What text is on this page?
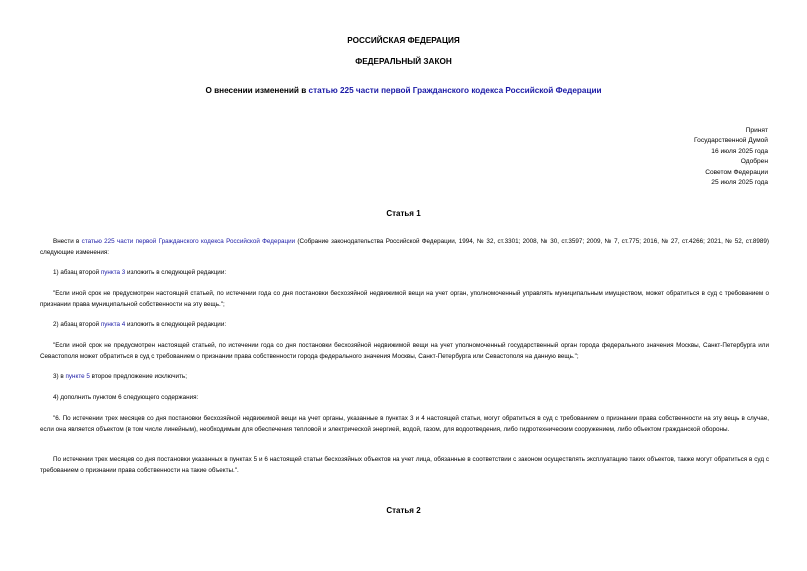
РОССИЙСКАЯ ФЕДЕРАЦИЯ
ФЕДЕРАЛЬНЫЙ ЗАКОН
О внесении изменений в статью 225 части первой Гражданского кодекса Российской Федерации
Принят
Государственной Думой
16 июля 2025 года
Одобрен
Советом Федерации
25 июля 2025 года
Статья 1
Внести в статью 225 части первой Гражданского кодекса Российской Федерации (Собрание законодательства Российской Федерации, 1994, № 32, ст.3301; 2008, № 30, ст.3597; 2009, № 7, ст.775; 2016, № 27, ст.4266; 2021, № 52, ст.8989) следующие изменения:
1) абзац второй пункта 3 изложить в следующей редакции:
"Если иной срок не предусмотрен настоящей статьей, по истечении года со дня постановки бесхозяйной недвижимой вещи на учет орган, уполномоченный управлять муниципальным имуществом, может обратиться в суд с требованием о признании права муниципальной собственности на эту вещь.";
2) абзац второй пункта 4 изложить в следующей редакции:
"Если иной срок не предусмотрен настоящей статьей, по истечении года со дня постановки бесхозяйной недвижимой вещи на учет уполномоченный государственный орган города федерального значения Москвы, Санкт-Петербурга или Севастополя может обратиться в суд с требованием о признании права собственности города федерального значения Москвы, Санкт-Петербурга или Севастополя на данную вещь.";
3) в пункте 5 второе предложение исключить;
4) дополнить пунктом 6 следующего содержания:
"6. По истечении трех месяцев со дня постановки бесхозяйной недвижимой вещи на учет органы, указанные в пунктах 3 и 4 настоящей статьи, могут обратиться в суд с требованием о признании права собственности на эту вещь в случае, если она является объектом (в том числе линейным), необходимым для обеспечения тепловой и электрической энергией, водой, газом, для водоотведения, либо гидротехническим сооружением, либо объектом гражданской обороны.
По истечении трех месяцев со дня постановки указанных в пунктах 5 и 6 настоящей статьи бесхозяйных объектов на учет лица, обязанные в соответствии с законом осуществлять эксплуатацию таких объектов, также могут обратиться в суд с требованием о признании права собственности на такие объекты.".
Статья 2
